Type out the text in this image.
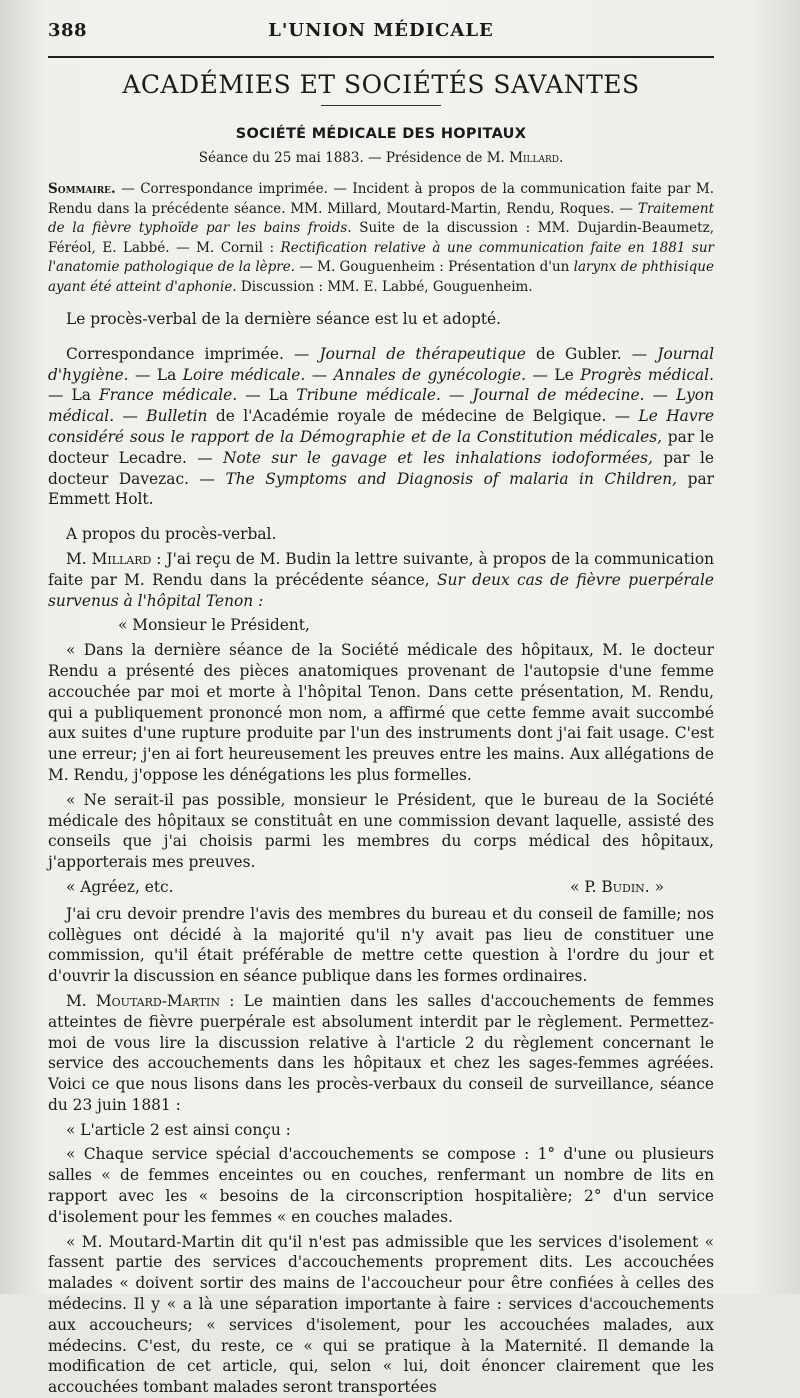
388	L'UNION MÉDICALE
ACADÉMIES ET SOCIÉTÉS SAVANTES
SOCIÉTÉ MÉDICALE DES HOPITAUX
Séance du 25 mai 1883. — Présidence de M. Millard.
Sommaire. — Correspondance imprimée. — Incident à propos de la communication faite par M. Rendu dans la précédente séance. MM. Millard, Moutard-Martin, Rendu, Roques. — Traitement de la fièvre typhoïde par les bains froids. Suite de la discussion : MM. Dujardin-Beaumetz, Féréol, E. Labbé. — M. Cornil : Rectification relative à une communication faite en 1881 sur l'anatomie pathologique de la lèpre. — M. Gouguenheim : Présentation d'un larynx de phthisique ayant été atteint d'aphonie. Discussion : MM. E. Labbé, Gouguenheim.

Le procès-verbal de la dernière séance est lu et adopté.

Correspondance imprimée. — Journal de thérapeutique de Gubler. — Journal d'hygiène. — La Loire médicale. — Annales de gynécologie. — Le Progrès médical. — La France médicale. — La Tribune médicale. — Journal de médecine. — Lyon médical. — Bulletin de l'Académie royale de médecine de Belgique. — Le Havre considéré sous le rapport de la Démographie et de la Constitution médicales, par le docteur Lecadre. — Note sur le gavage et les inhalations iodoformées, par le docteur Davezac. — The Symptoms and Diagnosis of malaria in Children, par Emmett Holt.

A propos du procès-verbal.

M. Millard : J'ai reçu de M. Budin la lettre suivante, à propos de la communication faite par M. Rendu dans la précédente séance, Sur deux cas de fièvre puerpérale survenus à l'hôpital Tenon :

« Monsieur le Président,

« Dans la dernière séance de la Société médicale des hôpitaux, M. le docteur Rendu a présenté des pièces anatomiques provenant de l'autopsie d'une femme accouchée par moi et morte à l'hôpital Tenon. Dans cette présentation, M. Rendu, qui a publiquement prononcé mon nom, a affirmé que cette femme avait succombé aux suites d'une rupture produite par l'un des instruments dont j'ai fait usage. C'est une erreur; j'en ai fort heureusement les preuves entre les mains. Aux allégations de M. Rendu, j'oppose les dénégations les plus formelles.

« Ne serait-il pas possible, monsieur le Président, que le bureau de la Société médicale des hôpitaux se constituât en une commission devant laquelle, assisté des conseils que j'ai choisis parmi les membres du corps médical des hôpitaux, j'apporterais mes preuves.

« Agréez, etc.	« P. Budin. »

J'ai cru devoir prendre l'avis des membres du bureau et du conseil de famille; nos collègues ont décidé à la majorité qu'il n'y avait pas lieu de constituer une commission, qu'il était préférable de mettre cette question à l'ordre du jour et d'ouvrir la discussion en séance publique dans les formes ordinaires.

M. Moutard-Martin : Le maintien dans les salles d'accouchements de femmes atteintes de fièvre puerpérale est absolument interdit par le règlement. Permettez-moi de vous lire la discussion relative à l'article 2 du règlement concernant le service des accouchements dans les hôpitaux et chez les sages-femmes agréées. Voici ce que nous lisons dans les procès-verbaux du conseil de surveillance, séance du 23 juin 1881 :

« L'article 2 est ainsi conçu :

« Chaque service spécial d'accouchements se compose : 1° d'une ou plusieurs salles « de femmes enceintes ou en couches, renfermant un nombre de lits en rapport avec les « besoins de la circonscription hospitalière; 2° d'un service d'isolement pour les femmes « en couches malades.

« M. Moutard-Martin dit qu'il n'est pas admissible que les services d'isolement « fassent partie des services d'accouchements proprement dits. Les accouchées malades « doivent sortir des mains de l'accoucheur pour être confiées à celles des médecins. Il y « a là une séparation importante à faire : services d'accouchements aux accoucheurs; « services d'isolement, pour les accouchées malades, aux médecins. C'est, du reste, ce « qui se pratique à la Maternité. Il demande la modification de cet article, qui, selon « lui, doit énoncer clairement que les accouchées tombant malades seront transportées
